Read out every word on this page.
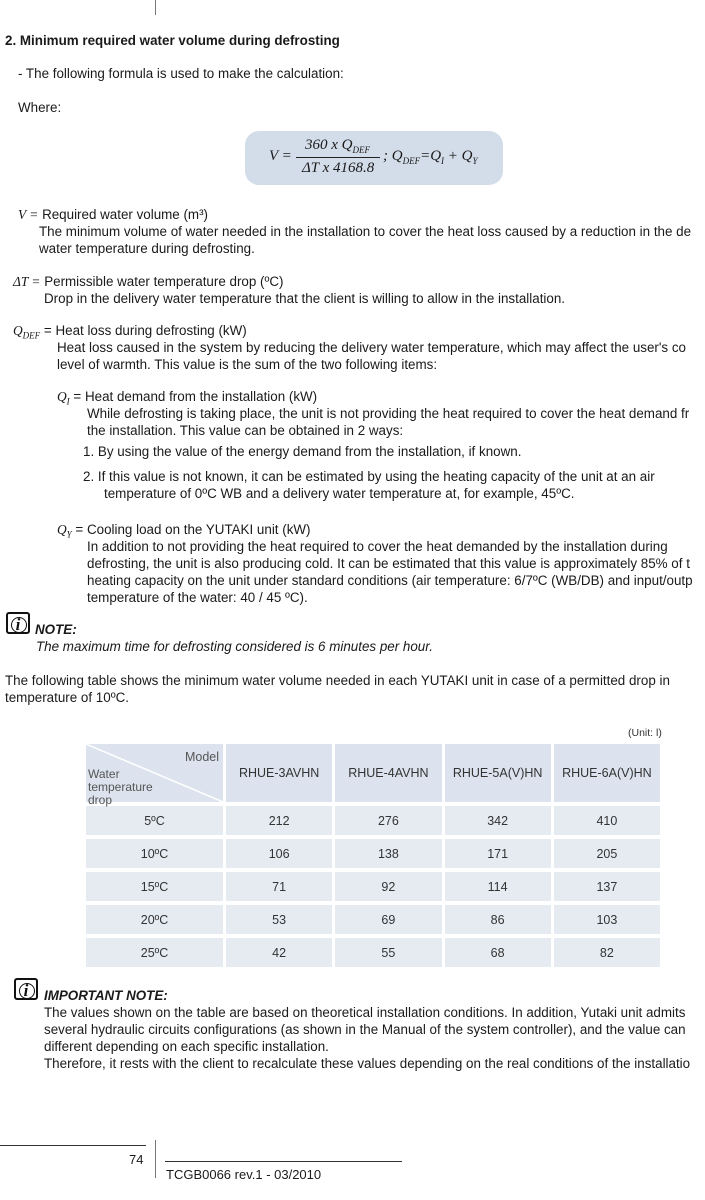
2. Minimum required water volume during defrosting
- The following formula is used to make the calculation:
Where:
V =
360 x $Q_{DEF}$
ΔT x 4168.8
; $Q_{DEF}=Q_I + Q_Y$
V = Required water volume (m³)
The minimum volume of water needed in the installation to cover the heat loss caused by a reduction in the de
water temperature during defrosting.
ΔT = Permissible water temperature drop (ºC)
Drop in the delivery water temperature that the client is willing to allow in the installation.
$Q_{DEF}$ = Heat loss during defrosting (kW)
Heat loss caused in the system by reducing the delivery water temperature, which may affect the user's co
level of warmth. This value is the sum of the two following items:
$Q_I$ = Heat demand from the installation (kW)
While defrosting is taking place, the unit is not providing the heat required to cover the heat demand fr
the installation. This value can be obtained in 2 ways:
1. By using the value of the energy demand from the installation, if known.
2. If this value is not known, it can be estimated by using the heating capacity of the unit at an air
temperature of 0ºC WB and a delivery water temperature at, for example, 45ºC.
$Q_Y$ = Cooling load on the YUTAKI unit (kW)
In addition to not providing the heat required to cover the heat demanded by the installation during
defrosting, the unit is also producing cold. It can be estimated that this value is approximately 85% of t
heating capacity on the unit under standard conditions (air temperature: 6/7ºC (WB/DB) and input/outp
temperature of the water: 40 / 45 ºC).
i	NOTE:
The maximum time for defrosting considered is 6 minutes per hour.
The following table shows the minimum water volume needed in each YUTAKI unit in case of a permitted drop in
temperature of 10ºC.
(Unit: l)
Model
Water temperature drop	RHUE-3AVHN	RHUE-4AVHN	RHUE-5A(V)HN	RHUE-6A(V)HN
5ºC	212	276	342	410
10ºC	106	138	171	205
15ºC	71	92	114	137
20ºC	53	69	86	103
25ºC	42	55	68	82
i	IMPORTANT NOTE:
The values shown on the table are based on theoretical installation conditions. In addition, Yutaki unit admits
several hydraulic circuits configurations (as shown in the Manual of the system controller), and the value can
different depending on each specific installation.
Therefore, it rests with the client to recalculate these values depending on the real conditions of the installatio
74
TCGB0066 rev.1 - 03/2010
